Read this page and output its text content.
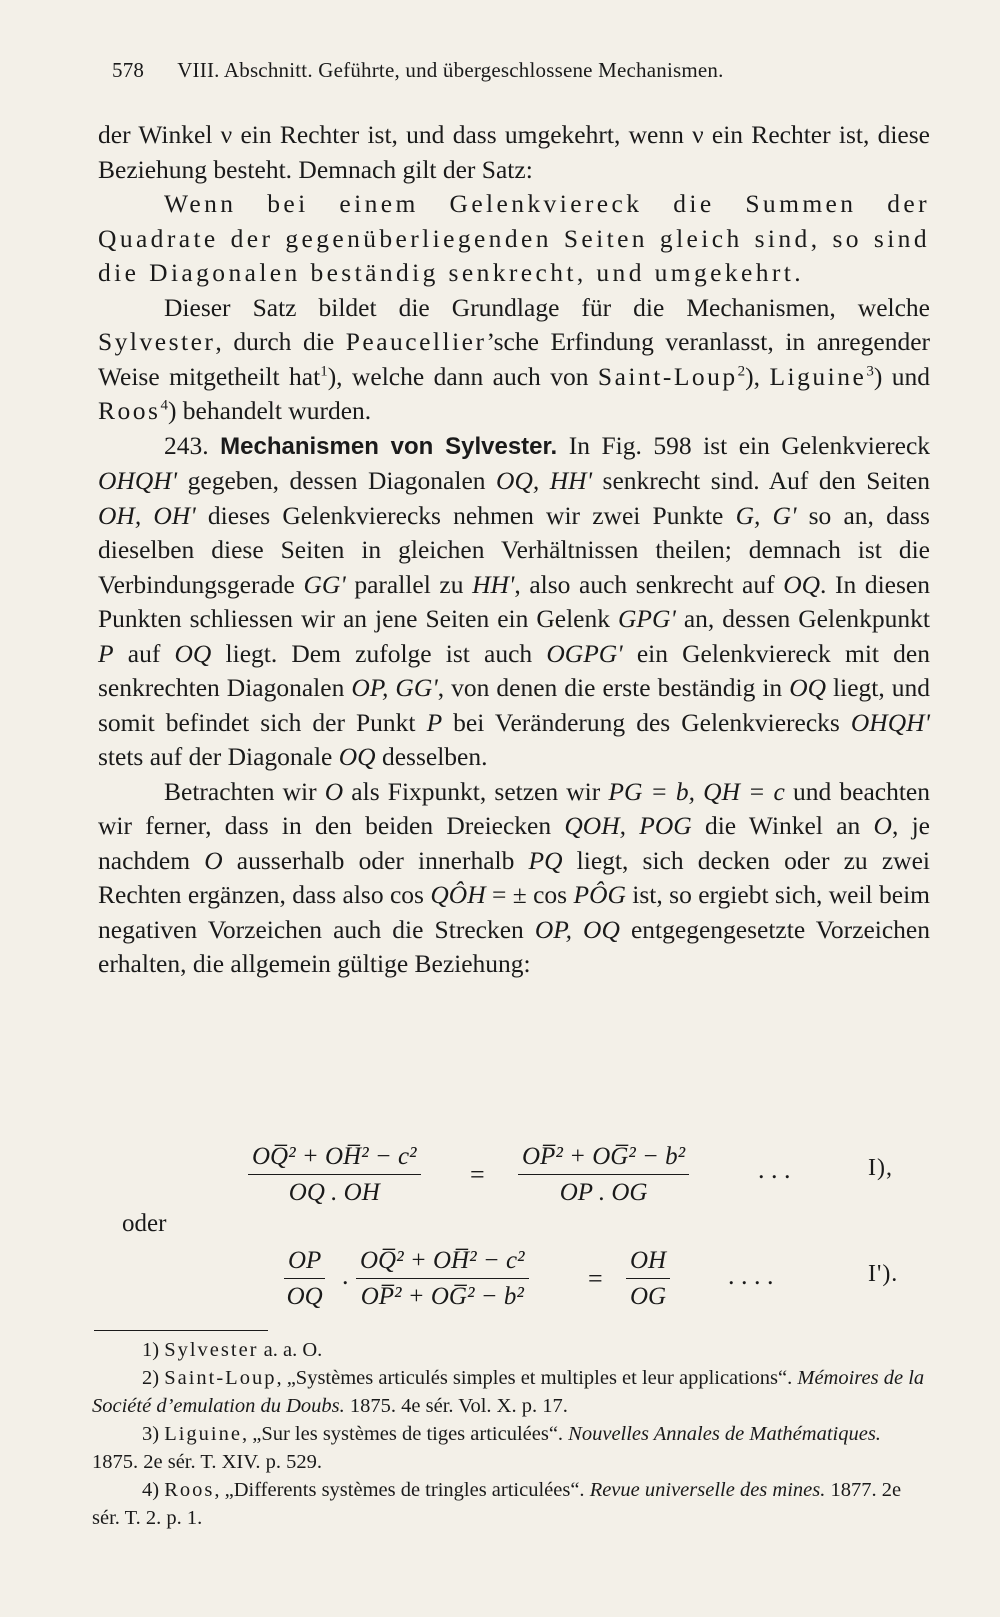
578 VIII. Abschnitt. Geführte, und übergeschlossene Mechanismen.

der Winkel ν ein Rechter ist, und dass umgekehrt, wenn ν ein Rechter ist, diese Beziehung besteht. Demnach gilt der Satz:

Wenn bei einem Gelenkviereck die Summen der Quadrate der gegenüberliegenden Seiten gleich sind, so sind die Diagonalen beständig senkrecht, und umgekehrt.

Dieser Satz bildet die Grundlage für die Mechanismen, welche Sylvester, durch die Peaucellier’sche Erfindung veranlasst, in anregender Weise mitgetheilt hat$^1$), welche dann auch von Saint-Loup$^2$), Liguine$^3$) und Roos$^4$) behandelt wurden.

243. Mechanismen von Sylvester. In Fig. 598 ist ein Gelenkviereck OHQH' gegeben, dessen Diagonalen OQ, HH' senkrecht sind. Auf den Seiten OH, OH' dieses Gelenkvierecks nehmen wir zwei Punkte G, G' so an, dass dieselben diese Seiten in gleichen Verhältnissen theilen; demnach ist die Verbindungsgerade GG' parallel zu HH', also auch senkrecht auf OQ. In diesen Punkten schliessen wir an jene Seiten ein Gelenk GPG' an, dessen Gelenkpunkt P auf OQ liegt. Dem zufolge ist auch OGPG' ein Gelenkviereck mit den senkrechten Diagonalen OP, GG', von denen die erste beständig in OQ liegt, und somit befindet sich der Punkt P bei Veränderung des Gelenkvierecks OHQH' stets auf der Diagonale OQ desselben.

Betrachten wir O als Fixpunkt, setzen wir PG = b, QH = c und beachten wir ferner, dass in den beiden Dreiecken QOH, POG die Winkel an O, je nachdem O ausserhalb oder innerhalb PQ liegt, sich decken oder zu zwei Rechten ergänzen, dass also cos QÔH = ± cos PÔG ist, so ergiebt sich, weil beim negativen Vorzeichen auch die Strecken OP, OQ entgegengesetzte Vorzeichen erhalten, die allgemein gültige Beziehung:

$\frac{\text{OQ̅² + OH̅² − c²}}{OQ . OH} = \frac{\text{OP̅² + OG̅² − b²}}{OP . OG}$	. . .	I),
oder
$\frac{OP}{OQ}$ . $\frac{\text{OQ̅² + OH̅² − c²}}{\text{OP̅² + OG̅² − b²}} = \frac{OH}{OG}$ . . . .	I').

1) Sylvester a. a. O.

2) Saint-Loup, „Systèmes articulés simples et multiples et leur applications“. Mémoires de la Société d’emulation du Doubs. 1875. 4e sér. Vol. X. p. 17.

3) Liguine, „Sur les systèmes de tiges articulées“. Nouvelles Annales de Mathématiques. 1875. 2e sér. T. XIV. p. 529.

4) Roos, „Differents systèmes de tringles articulées“. Revue universelle des mines. 1877. 2e sér. T. 2. p. 1.
